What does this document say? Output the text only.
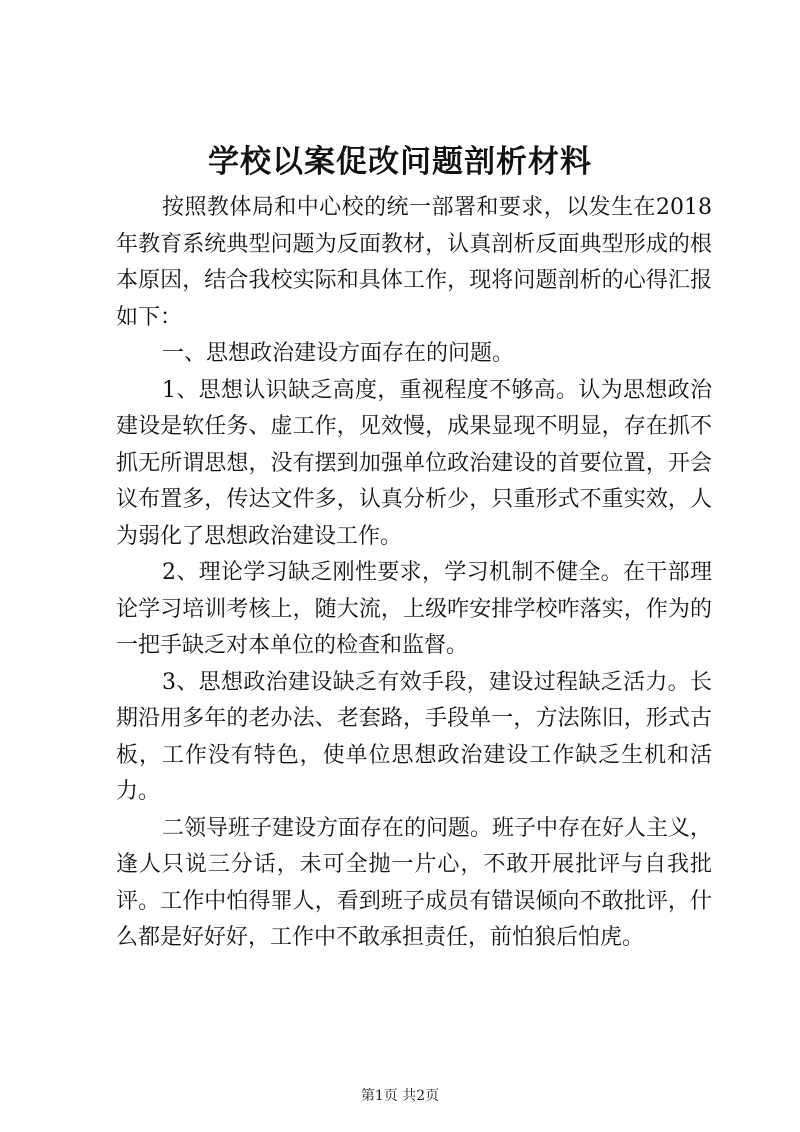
学校以案促改问题剖析材料

按照教体局和中心校的统一部署和要求，以发生在2018年教育系统典型问题为反面教材，认真剖析反面典型形成的根本原因，结合我校实际和具体工作，现将问题剖析的心得汇报如下：

一、思想政治建设方面存在的问题。

1、思想认识缺乏高度，重视程度不够高。认为思想政治建设是软任务、虚工作，见效慢，成果显现不明显，存在抓不抓无所谓思想，没有摆到加强单位政治建设的首要位置，开会议布置多，传达文件多，认真分析少，只重形式不重实效，人为弱化了思想政治建设工作。

2、理论学习缺乏刚性要求，学习机制不健全。在干部理论学习培训考核上，随大流，上级咋安排学校咋落实，作为的一把手缺乏对本单位的检查和监督。

3、思想政治建设缺乏有效手段，建设过程缺乏活力。长期沿用多年的老办法、老套路，手段单一，方法陈旧，形式古板，工作没有特色，使单位思想政治建设工作缺乏生机和活力。

二领导班子建设方面存在的问题。班子中存在好人主义，逢人只说三分话，未可全抛一片心，不敢开展批评与自我批评。工作中怕得罪人，看到班子成员有错误倾向不敢批评，什么都是好好好，工作中不敢承担责任，前怕狼后怕虎。

第1页 共2页
